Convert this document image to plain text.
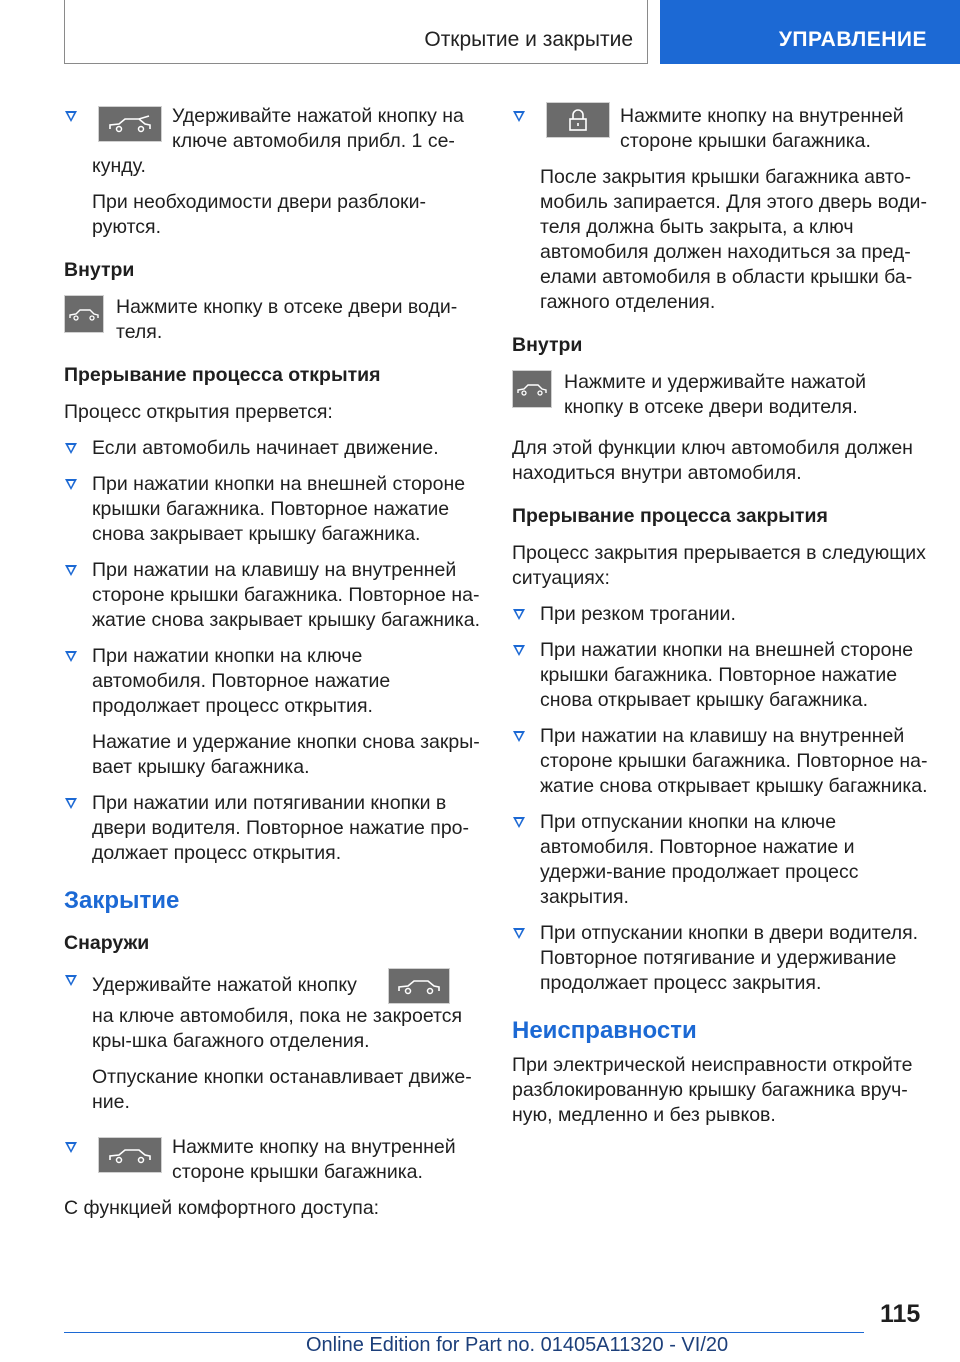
Открытие и закрытие	УПРАВЛЕНИЕ
Удерживайте нажатой кнопку на ключе автомобиля прибл. 1 се-кунду.
При необходимости двери разблоки-руются.
Внутри
Нажмите кнопку в отсеке двери води-теля.
Прерывание процесса открытия
Процесс открытия прервется:
Если автомобиль начинает движение.
При нажатии кнопки на внешней стороне крышки багажника. Повторное нажатие снова закрывает крышку багажника.
При нажатии на клавишу на внутренней стороне крышки багажника. Повторное на-жатие снова закрывает крышку багажника.
При нажатии кнопки на ключе автомобиля. Повторное нажатие продолжает процесс открытия.
Нажатие и удержание кнопки снова закры-вает крышку багажника.
При нажатии или потягивании кнопки в двери водителя. Повторное нажатие про-должает процесс открытия.
Закрытие
Снаружи
Удерживайте нажатой кнопку
на ключе автомобиля, пока не закроется кры-шка багажного отделения.
Отпускание кнопки останавливает движе-ние.
Нажмите кнопку на внутренней стороне крышки багажника.
С функцией комфортного доступа:
Нажмите кнопку на внутренней стороне крышки багажника.
После закрытия крышки багажника авто-мобиль запирается. Для этого дверь води-теля должна быть закрыта, а ключ автомобиля должен находиться за пред-елами автомобиля в области крышки ба-гажного отделения.
Внутри
Нажмите и удерживайте нажатой кнопку в отсеке двери водителя.
Для этой функции ключ автомобиля должен находиться внутри автомобиля.
Прерывание процесса закрытия
Процесс закрытия прерывается в следующих ситуациях:
При резком трогании.
При нажатии кнопки на внешней стороне крышки багажника. Повторное нажатие снова открывает крышку багажника.
При нажатии на клавишу на внутренней стороне крышки багажника. Повторное на-жатие снова открывает крышку багажника.
При отпускании кнопки на ключе автомобиля. Повторное нажатие и удержи-вание продолжает процесс закрытия.
При отпускании кнопки в двери водителя. Повторное потягивание и удерживание продолжает процесс закрытия.
Неисправности
При электрической неисправности откройте разблокированную крышку багажника вруч-ную, медленно и без рывков.
115
Online Edition for Part no. 01405A11320 - VI/20
